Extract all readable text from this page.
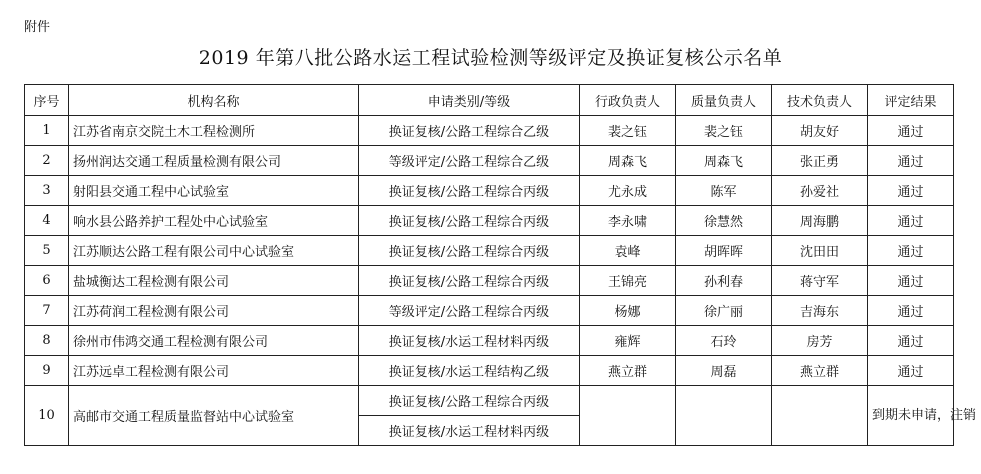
附件
2019 年第八批公路水运工程试验检测等级评定及换证复核公示名单
序号	机构名称	申请类别/等级	行政负责人	质量负责人	技术负责人	评定结果
1	江苏省南京交院土木工程检测所	换证复核/公路工程综合乙级	裴之钰	裴之钰	胡友好	通过
2	扬州润达交通工程质量检测有限公司	等级评定/公路工程综合乙级	周森飞	周森飞	张正勇	通过
3	射阳县交通工程中心试验室	换证复核/公路工程综合丙级	尤永成	陈军	孙爱社	通过
4	响水县公路养护工程处中心试验室	换证复核/公路工程综合丙级	李永啸	徐慧然	周海鹏	通过
5	江苏顺达公路工程有限公司中心试验室	换证复核/公路工程综合丙级	袁峰	胡晖晖	沈田田	通过
6	盐城衡达工程检测有限公司	换证复核/公路工程综合丙级	王锦亮	孙利春	蒋守军	通过
7	江苏荷润工程检测有限公司	等级评定/公路工程综合丙级	杨娜	徐广丽	吉海东	通过
8	徐州市伟鸿交通工程检测有限公司	换证复核/水运工程材料丙级	雍辉	石玲	房芳	通过
9	江苏远卓工程检测有限公司	换证复核/水运工程结构乙级	燕立群	周磊	燕立群	通过
10	高邮市交通工程质量监督站中心试验室	换证复核/公路工程综合丙级				到期未申请，注销
		换证复核/水运工程材料丙级				
